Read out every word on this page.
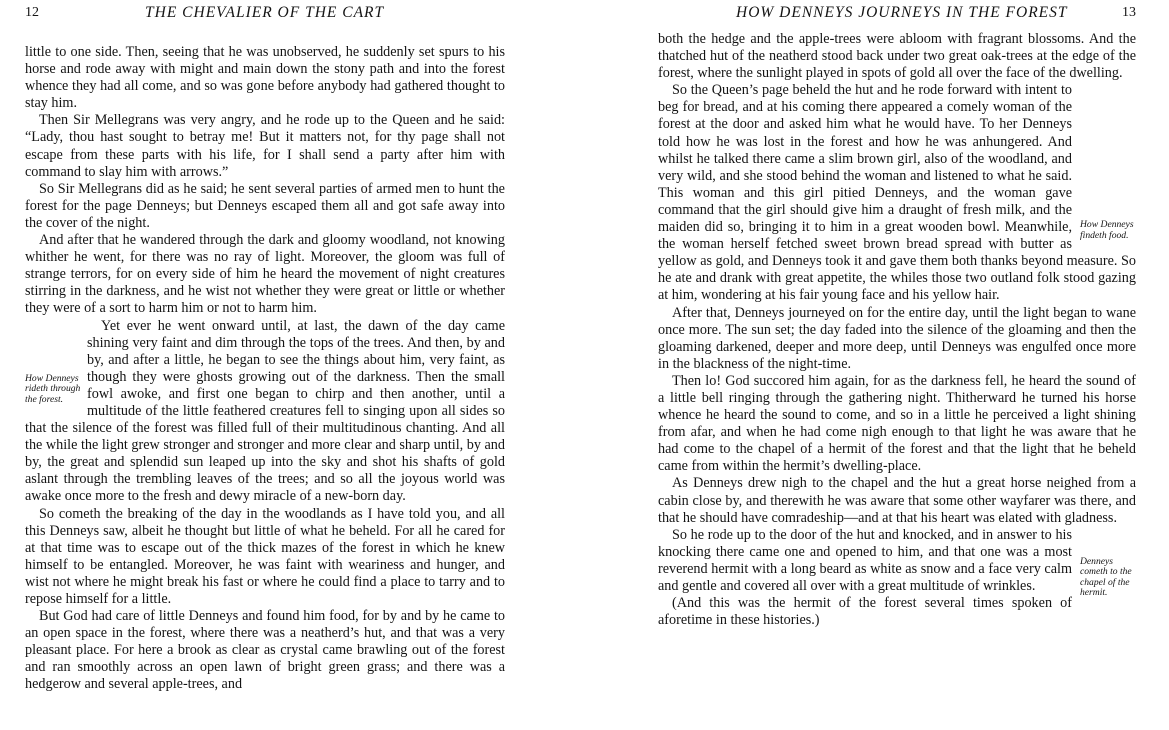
12	THE CHEVALIER OF THE CART

little to one side. Then, seeing that he was unobserved, he suddenly set spurs to his horse and rode away with might and main down the stony path and into the forest whence they had all come, and so was gone before anybody had gathered thought to stay him.

Then Sir Mellegrans was very angry, and he rode up to the Queen and he said: “Lady, thou hast sought to betray me! But it matters not, for thy page shall not escape from these parts with his life, for I shall send a party after him with command to slay him with arrows.”

So Sir Mellegrans did as he said; he sent several parties of armed men to hunt the forest for the page Denneys; but Denneys escaped them all and got safe away into the cover of the night.

And after that he wandered through the dark and gloomy woodland, not knowing whither he went, for there was no ray of light. Moreover, the gloom was full of strange terrors, for on every side of him he heard the movement of night creatures stirring in the darkness, and he wist not whether they were great or little or whether they were of a sort to harm him or not to harm him.

How Denneys rideth through the forest.

Yet ever he went onward until, at last, the dawn of the day came shining very faint and dim through the tops of the trees. And then, by and by, and after a little, he began to see the things about him, very faint, as though they were ghosts growing out of the darkness. Then the small fowl awoke, and first one began to chirp and then another, until a multitude of the little feathered creatures fell to singing upon all sides so that the silence of the forest was filled full of their multitudinous chanting. And all the while the light grew stronger and stronger and more clear and sharp until, by and by, the great and splendid sun leaped up into the sky and shot his shafts of gold aslant through the trembling leaves of the trees; and so all the joyous world was awake once more to the fresh and dewy miracle of a new-born day.

So cometh the breaking of the day in the woodlands as I have told you, and all this Denneys saw, albeit he thought but little of what he beheld. For all he cared for at that time was to escape out of the thick mazes of the forest in which he knew himself to be entangled. Moreover, he was faint with weariness and hunger, and wist not where he might break his fast or where he could find a place to tarry and to repose himself for a little.

But God had care of little Denneys and found him food, for by and by he came to an open space in the forest, where there was a neatherd’s hut, and that was a very pleasant place. For here a brook as clear as crystal came brawling out of the forest and ran smoothly across an open lawn of bright green grass; and there was a hedgerow and several apple-trees, and

HOW DENNEYS JOURNEYS IN THE FOREST	13

both the hedge and the apple-trees were abloom with fragrant blossoms. And the thatched hut of the neatherd stood back under two great oak-trees at the edge of the forest, where the sunlight played in spots of gold all over the face of the dwelling.

How Denneys findeth food.

So the Queen’s page beheld the hut and he rode forward with intent to beg for bread, and at his coming there appeared a comely woman of the forest at the door and asked him what he would have. To her Denneys told how he was lost in the forest and how he was anhungered. And whilst he talked there came a slim brown girl, also of the woodland, and very wild, and she stood behind the woman and listened to what he said. This woman and this girl pitied Denneys, and the woman gave command that the girl should give him a draught of fresh milk, and the maiden did so, bringing it to him in a great wooden bowl. Meanwhile, the woman herself fetched sweet brown bread spread with butter as yellow as gold, and Denneys took it and gave them both thanks beyond measure. So he ate and drank with great appetite, the whiles those two outland folk stood gazing at him, wondering at his fair young face and his yellow hair.

After that, Denneys journeyed on for the entire day, until the light began to wane once more. The sun set; the day faded into the silence of the gloaming and then the gloaming darkened, deeper and more deep, until Denneys was engulfed once more in the blackness of the night-time.

Then lo! God succored him again, for as the darkness fell, he heard the sound of a little bell ringing through the gathering night. Thitherward he turned his horse whence he heard the sound to come, and so in a little he perceived a light shining from afar, and when he had come nigh enough to that light he was aware that he had come to the chapel of a hermit of the forest and that the light that he beheld came from within the hermit’s dwelling-place.

As Denneys drew nigh to the chapel and the hut a great horse neighed from a cabin close by, and therewith he was aware that some other wayfarer was there, and that he should have comradeship—and at that his heart was elated with gladness.

Denneys cometh to the chapel of the hermit.

So he rode up to the door of the hut and knocked, and in answer to his knocking there came one and opened to him, and that one was a most reverend hermit with a long beard as white as snow and a face very calm and gentle and covered all over with a great multitude of wrinkles.

(And this was the hermit of the forest several times spoken of aforetime in these histories.)
